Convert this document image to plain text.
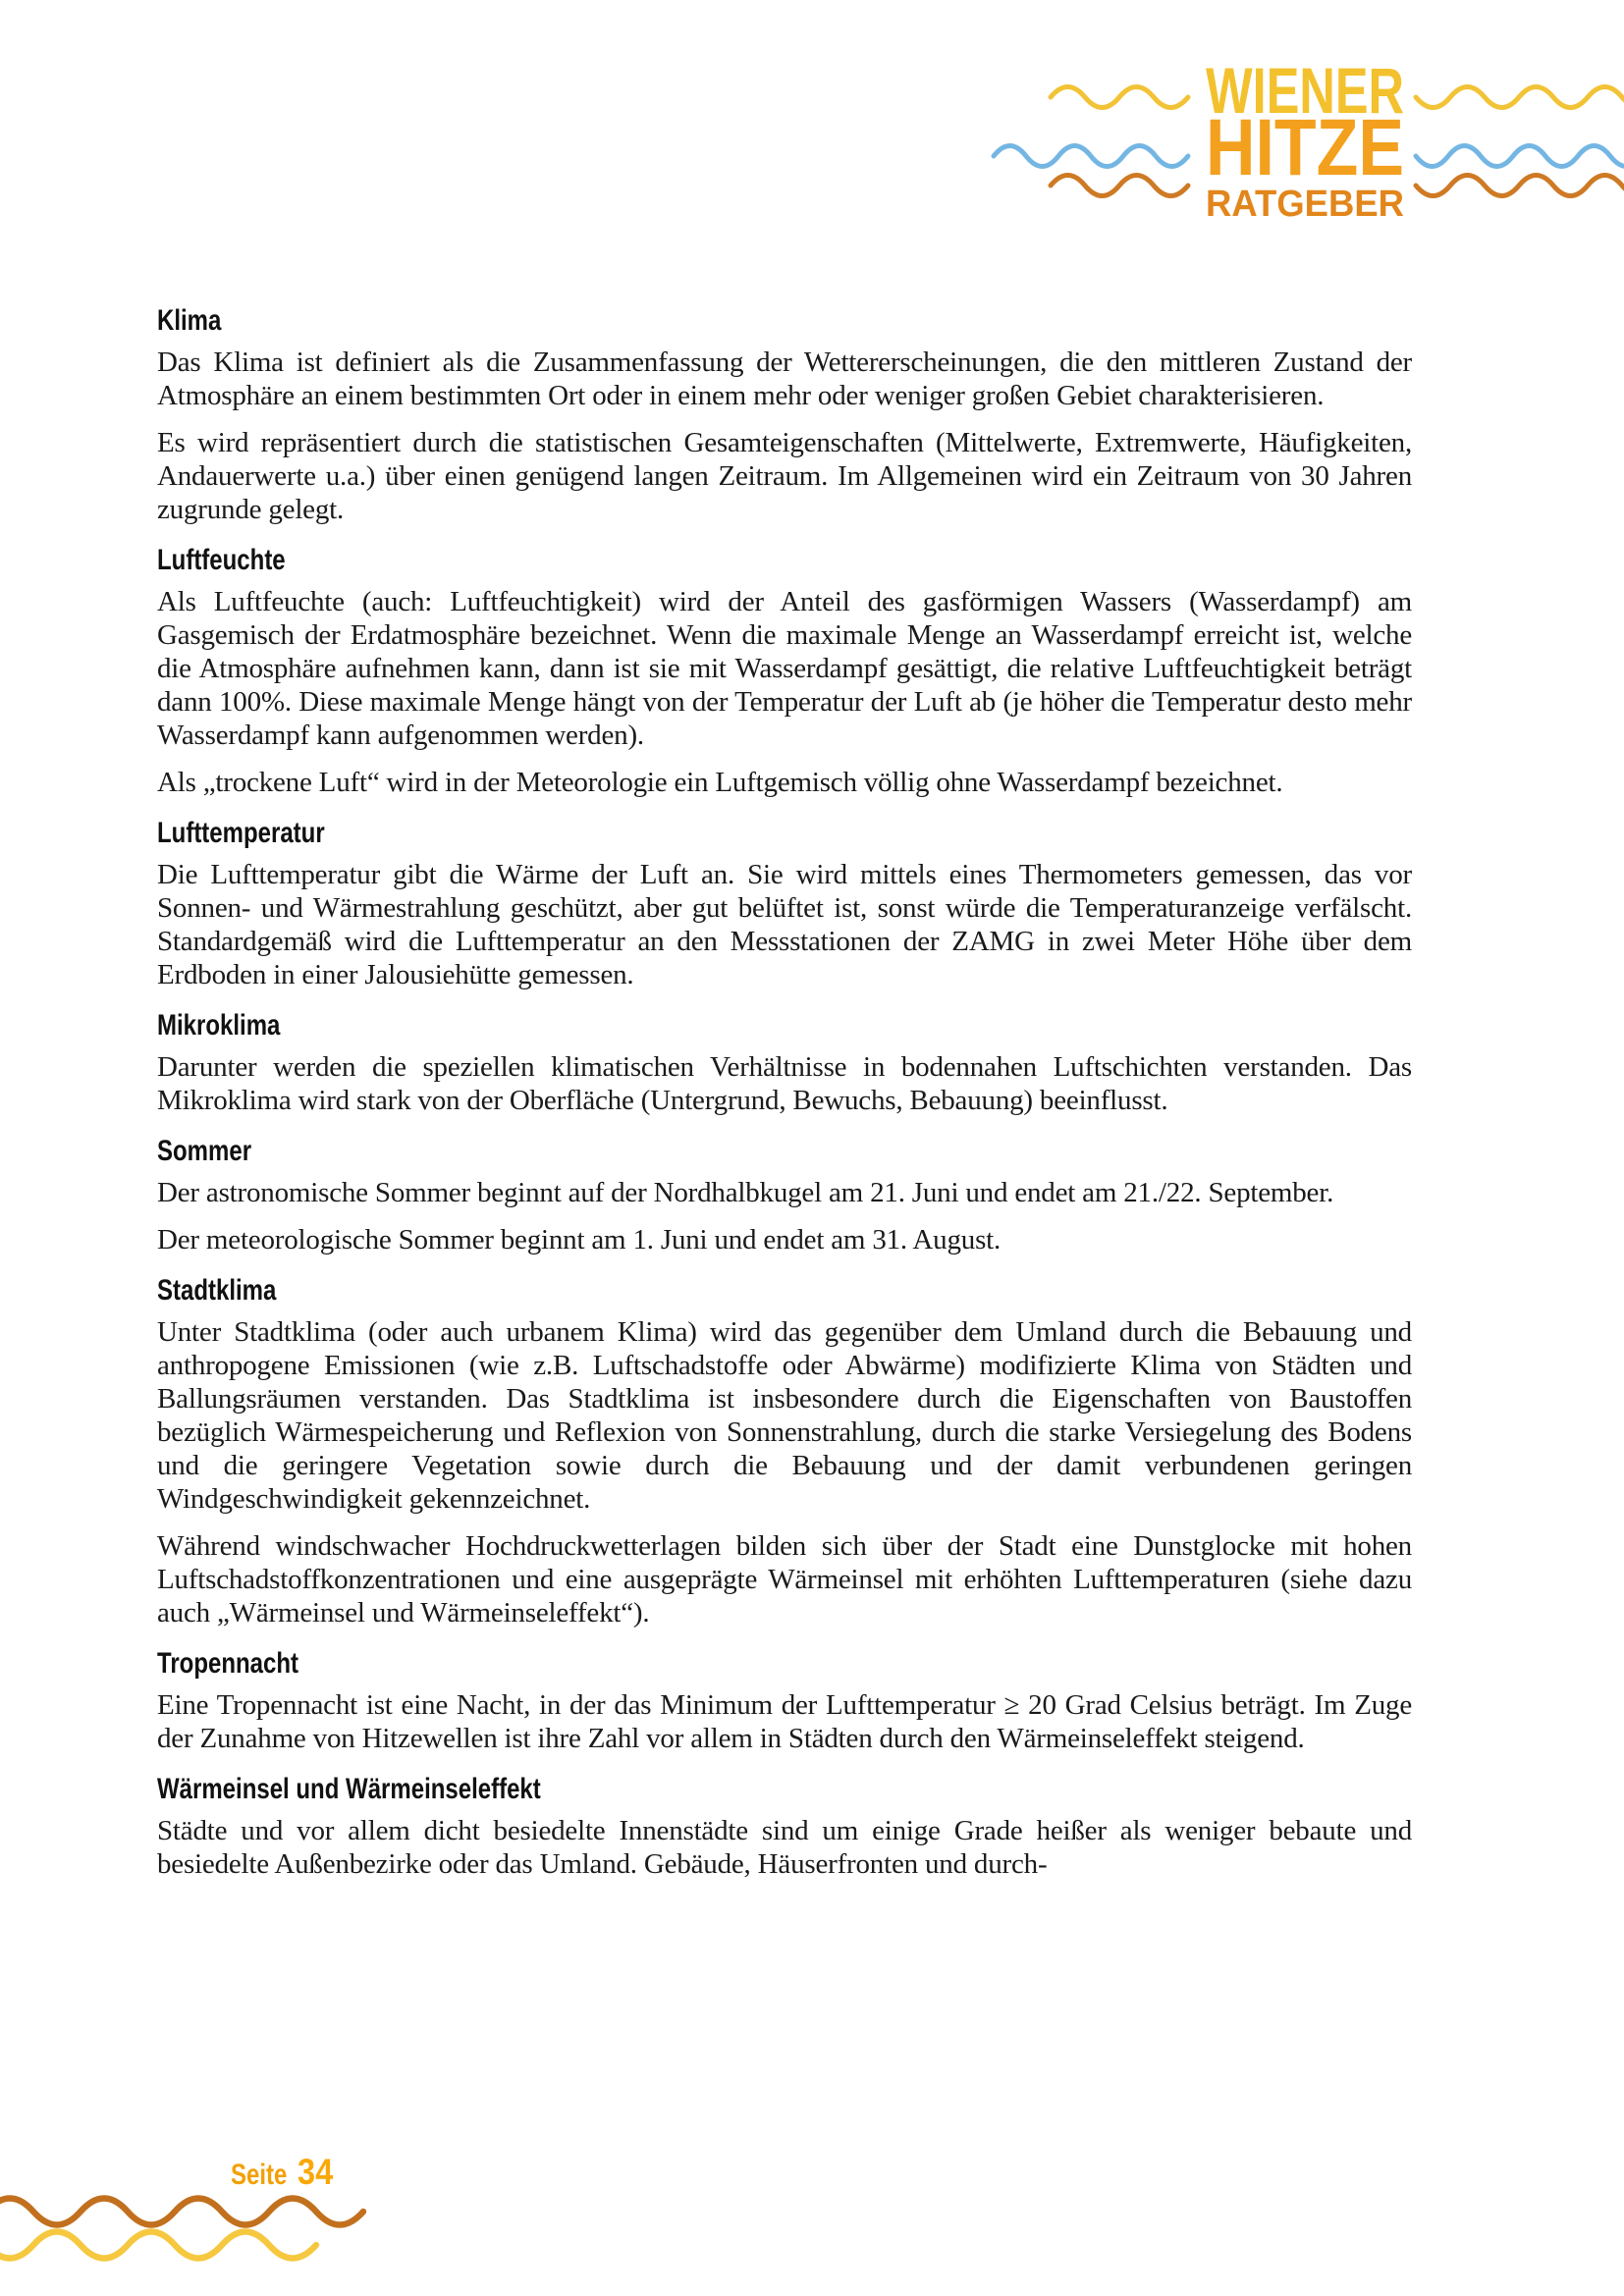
WIENER
HITZE
RATGEBER
Klima

Das Klima ist definiert als die Zusammenfassung der Wettererscheinungen, die den mittleren Zustand der Atmosphäre an einem bestimmten Ort oder in einem mehr oder weniger großen Gebiet charakterisieren.

Es wird repräsentiert durch die statistischen Gesamteigenschaften (Mittelwerte, Extremwerte, Häufigkeiten, Andauerwerte u.a.) über einen genügend langen Zeitraum. Im Allgemeinen wird ein Zeitraum von 30 Jahren zugrunde gelegt.

Luftfeuchte

Als Luftfeuchte (auch: Luftfeuchtigkeit) wird der Anteil des gasförmigen Wassers (Wasserdampf) am Gasgemisch der Erdatmosphäre bezeichnet. Wenn die maximale Menge an Wasserdampf erreicht ist, welche die Atmosphäre aufnehmen kann, dann ist sie mit Wasserdampf gesättigt, die relative Luftfeuchtigkeit beträgt dann 100%. Diese maximale Menge hängt von der Temperatur der Luft ab (je höher die Temperatur desto mehr Wasserdampf kann aufgenommen werden).

Als „trockene Luft“ wird in der Meteorologie ein Luftgemisch völlig ohne Wasserdampf bezeichnet.

Lufttemperatur

Die Lufttemperatur gibt die Wärme der Luft an. Sie wird mittels eines Thermometers gemessen, das vor Sonnen- und Wärmestrahlung geschützt, aber gut belüftet ist, sonst würde die Temperaturanzeige verfälscht. Standardgemäß wird die Lufttemperatur an den Messstationen der ZAMG in zwei Meter Höhe über dem Erdboden in einer Jalousiehütte gemessen.

Mikroklima

Darunter werden die speziellen klimatischen Verhältnisse in bodennahen Luftschichten verstanden. Das Mikroklima wird stark von der Oberfläche (Untergrund, Bewuchs, Bebauung) beeinflusst.

Sommer

Der astronomische Sommer beginnt auf der Nordhalbkugel am 21. Juni und endet am 21./22. September.

Der meteorologische Sommer beginnt am 1. Juni und endet am 31. August.

Stadtklima

Unter Stadtklima (oder auch urbanem Klima) wird das gegenüber dem Umland durch die Bebauung und anthropogene Emissionen (wie z.B. Luftschadstoffe oder Abwärme) modifizierte Klima von Städten und Ballungsräumen verstanden. Das Stadtklima ist insbesondere durch die Eigenschaften von Baustoffen bezüglich Wärmespeicherung und Reflexion von Sonnenstrahlung, durch die starke Versiegelung des Bodens und die geringere Vegetation sowie durch die Bebauung und der damit verbundenen geringen Windgeschwindigkeit gekennzeichnet.

Während windschwacher Hochdruckwetterlagen bilden sich über der Stadt eine Dunstglocke mit hohen Luftschadstoffkonzentrationen und eine ausgeprägte Wärmeinsel mit erhöhten Lufttemperaturen (siehe dazu auch „Wärmeinsel und Wärmeinseleffekt“).

Tropennacht

Eine Tropennacht ist eine Nacht, in der das Minimum der Lufttemperatur ≥ 20 Grad Celsius beträgt. Im Zuge der Zunahme von Hitzewellen ist ihre Zahl vor allem in Städten durch den Wärmeinseleffekt steigend.

Wärmeinsel und Wärmeinseleffekt

Städte und vor allem dicht besiedelte Innenstädte sind um einige Grade heißer als weniger bebaute und besiedelte Außenbezirke oder das Umland. Gebäude, Häuserfronten und durch-

Seite 34
